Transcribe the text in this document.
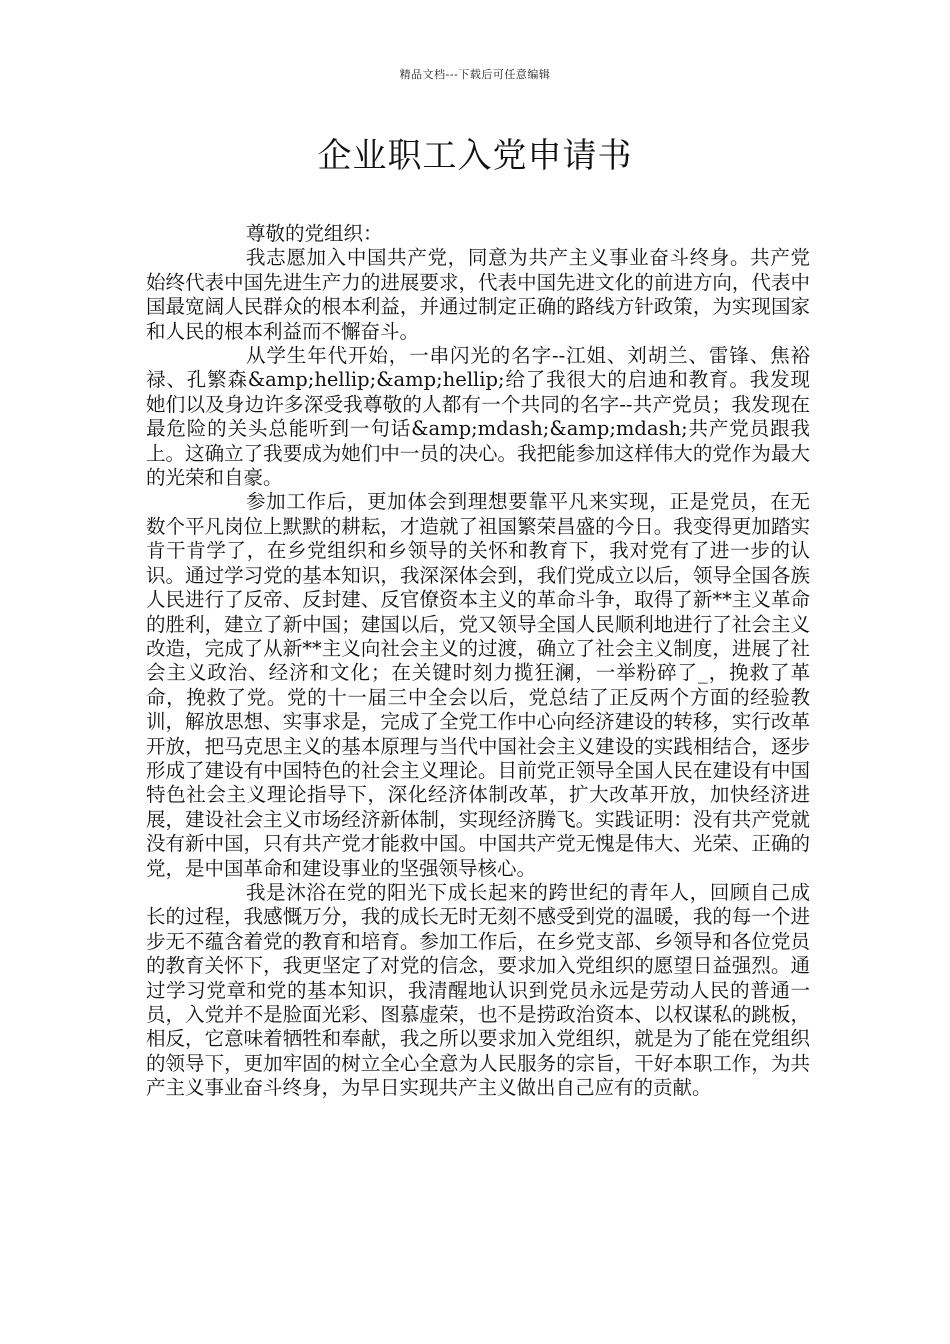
精品文档---下载后可任意编辑
企业职工入党申请书

尊敬的党组织：

我志愿加入中国共产党，同意为共产主义事业奋斗终身。共产党始终代表中国先进生产力的进展要求，代表中国先进文化的前进方向，代表中国最宽阔人民群众的根本利益，并通过制定正确的路线方针政策，为实现国家和人民的根本利益而不懈奋斗。

从学生年代开始，一串闪光的名字--江姐、刘胡兰、雷锋、焦裕禄、孔繁森&amp;hellip;&amp;hellip;给了我很大的启迪和教育。我发现她们以及身边许多深受我尊敬的人都有一个共同的名字--共产党员；我发现在最危险的关头总能听到一句话&amp;mdash;&amp;mdash;共产党员跟我上。这确立了我要成为她们中一员的决心。我把能参加这样伟大的党作为最大的光荣和自豪。

参加工作后，更加体会到理想要靠平凡来实现，正是党员，在无数个平凡岗位上默默的耕耘，才造就了祖国繁荣昌盛的今日。我变得更加踏实肯干肯学了，在乡党组织和乡领导的关怀和教育下，我对党有了进一步的认识。通过学习党的基本知识，我深深体会到，我们党成立以后，领导全国各族人民进行了反帝、反封建、反官僚资本主义的革命斗争，取得了新**主义革命的胜利，建立了新中国；建国以后，党又领导全国人民顺利地进行了社会主义改造，完成了从新**主义向社会主义的过渡，确立了社会主义制度，进展了社会主义政治、经济和文化；在关键时刻力揽狂澜，一举粉碎了_，挽救了革命，挽救了党。党的十一届三中全会以后，党总结了正反两个方面的经验教训，解放思想、实事求是，完成了全党工作中心向经济建设的转移，实行改革开放，把马克思主义的基本原理与当代中国社会主义建设的实践相结合，逐步形成了建设有中国特色的社会主义理论。目前党正领导全国人民在建设有中国特色社会主义理论指导下，深化经济体制改革，扩大改革开放，加快经济进展，建设社会主义市场经济新体制，实现经济腾飞。实践证明：没有共产党就没有新中国，只有共产党才能救中国。中国共产党无愧是伟大、光荣、正确的党，是中国革命和建设事业的坚强领导核心。

我是沐浴在党的阳光下成长起来的跨世纪的青年人，回顾自己成长的过程，我感慨万分，我的成长无时无刻不感受到党的温暖，我的每一个进步无不蕴含着党的教育和培育。参加工作后，在乡党支部、乡领导和各位党员的教育关怀下，我更坚定了对党的信念，要求加入党组织的愿望日益强烈。通过学习党章和党的基本知识，我清醒地认识到党员永远是劳动人民的普通一员，入党并不是脸面光彩、图慕虚荣，也不是捞政治资本、以权谋私的跳板，相反，它意味着牺牲和奉献，我之所以要求加入党组织，就是为了能在党组织的领导下，更加牢固的树立全心全意为人民服务的宗旨，干好本职工作，为共产主义事业奋斗终身，为早日实现共产主义做出自己应有的贡献。
